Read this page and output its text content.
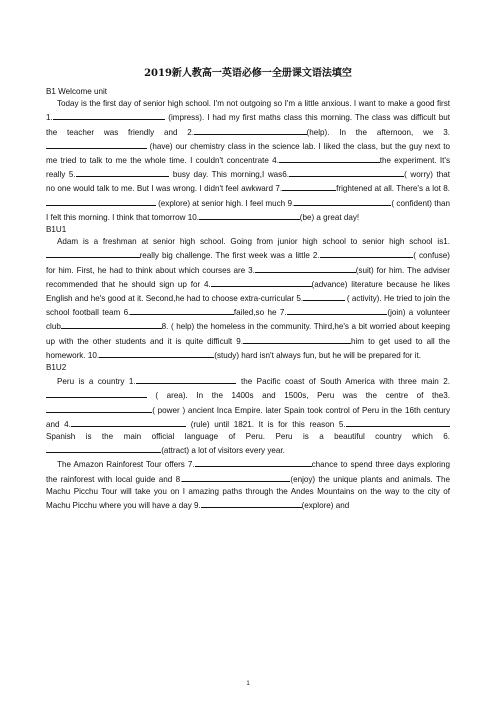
2019新人教高一英语必修一全册课文语法填空
B1 Welcome unit

Today is the first day of senior high school. I'm not outgoing so I'm a little anxious. I want to make a good first 1.	(impress). I had my first maths class this morning. The class was difficult but the teacher was friendly and 2.	(help). In the afternoon, we 3. (have) our chemistry class in the science lab. I liked the class, but the guy next to me tried to talk to me the whole time. I couldn't concentrate 4.	the experiment. It's really 5.	busy day. This morning,I was6.	( worry) that no one would talk to me. But I was wrong. I didn't feel awkward 7.	frightened at all. There's a lot 8. (explore) at senior high. I feel much 9.	( confident) than I felt this morning. I think that tomorrow 10.	(be) a great day!

B1U1

Adam is a freshman at senior high school. Going from junior high school to senior high school is1.really big challenge. The first week was a little 2.	( confuse) for him. First, he had to think about which courses are 3.	(suit) for him. The adviser recommended that he should sign up for 4.	(advance) literature because he likes English and he's good at it. Second,he had to choose extra-curricular 5.	( activity). He tried to join the school football team 6.	failed,so he 7.	(join) a volunteer club	8. ( help) the homeless in the community. Third,he's a bit worried about keeping up with the other students and it is quite difficult 9.	him to get used to all the homework. 10.	(study) hard isn't always fun, but he will be prepared for it.

B1U2

Peru is a country 1.	the Pacific coast of South America with three main 2. ( area). In the 1400s and 1500s, Peru was the centre of the3.( power ) ancient Inca Empire. later Spain took control of Peru in the 16th century and 4.	(rule) until 1821. It is for this reason 5.Spanish is the main official language of Peru. Peru is a beautiful country which 6.(attract) a lot of visitors every year.

The Amazon Rainforest Tour offers 7.	chance to spend three days exploring the rainforest with local guide and 8.	(enjoy) the unique plants and animals. The Machu Picchu Tour will take you on I amazing paths through the Andes Mountains on the way to the city of Machu Picchu where you will have a day 9.	(explore) and

1
